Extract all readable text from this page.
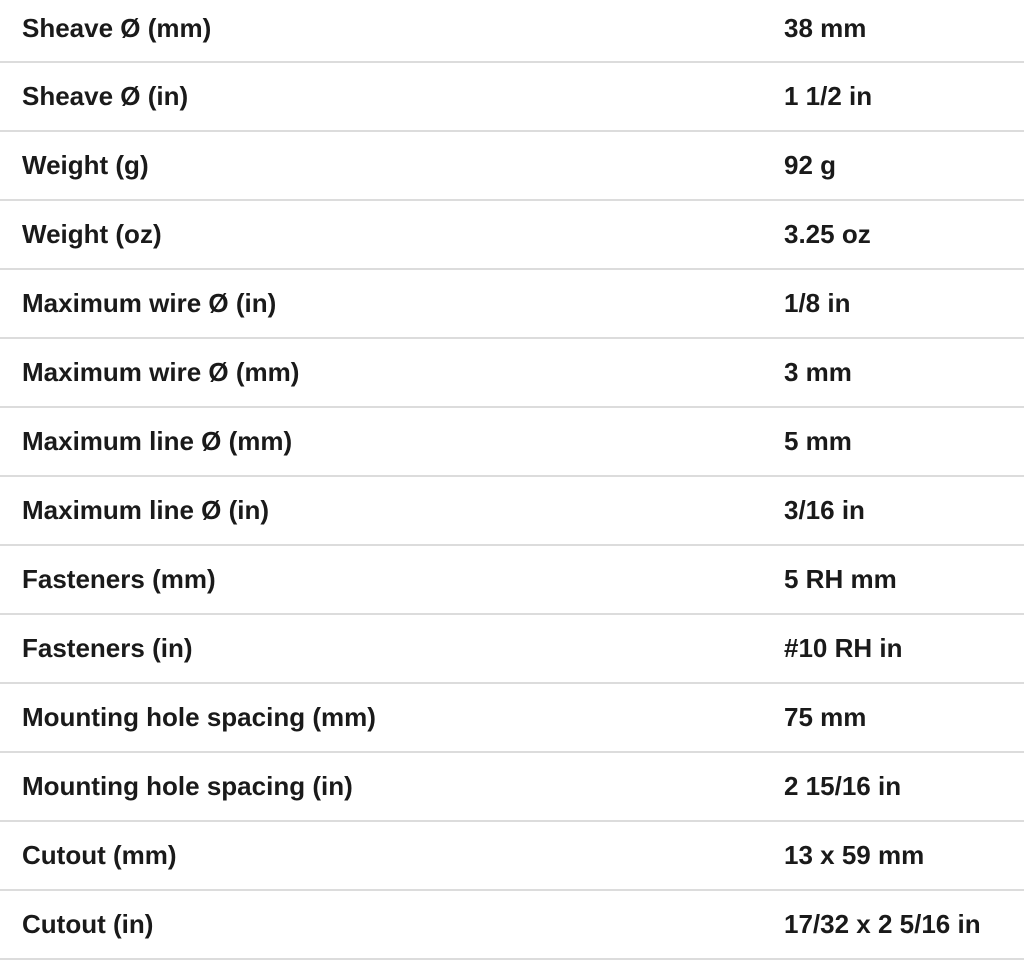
Sheave Ø (mm)	38 mm
Sheave Ø (in)	1 1/2 in
Weight (g)	92 g
Weight (oz)	3.25 oz
Maximum wire Ø (in)	1/8 in
Maximum wire Ø (mm)	3 mm
Maximum line Ø (mm)	5 mm
Maximum line Ø (in)	3/16 in
Fasteners (mm)	5 RH mm
Fasteners (in)	#10 RH in
Mounting hole spacing (mm)	75 mm
Mounting hole spacing (in)	2 15/16 in
Cutout (mm)	13 x 59 mm
Cutout (in)	17/32 x 2 5/16 in
